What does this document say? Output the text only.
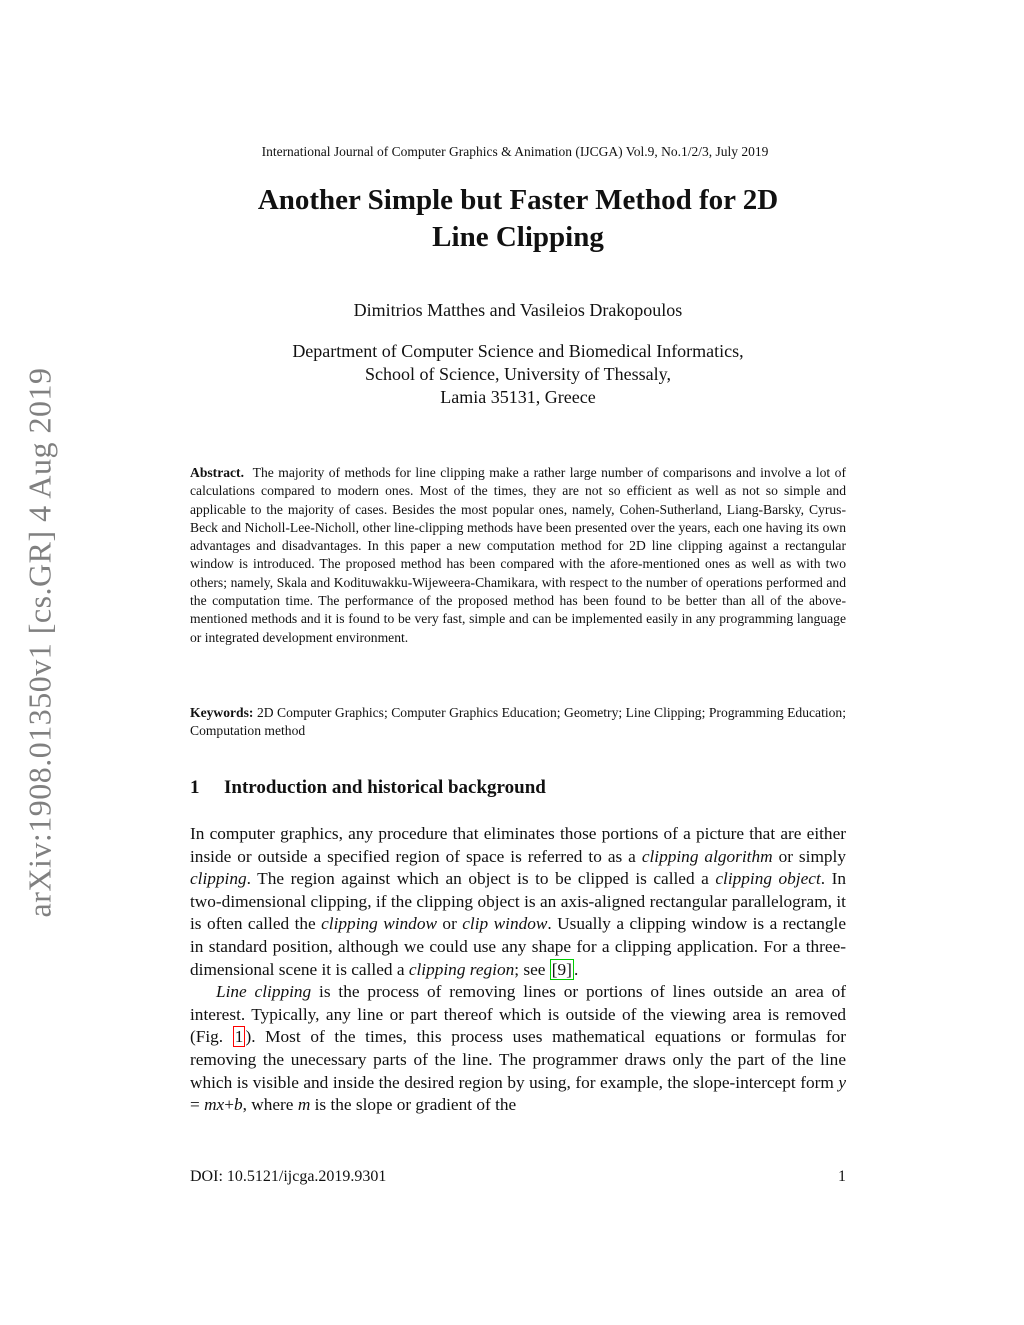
arXiv:1908.01350v1 [cs.GR] 4 Aug 2019
International Journal of Computer Graphics & Animation (IJCGA) Vol.9, No.1/2/3, July 2019
Another Simple but Faster Method for 2D
Line Clipping
Dimitrios Matthes and Vasileios Drakopoulos
Department of Computer Science and Biomedical Informatics,
School of Science, University of Thessaly,
Lamia 35131, Greece
Abstract. The majority of methods for line clipping make a rather large number of comparisons and involve a lot of calculations compared to modern ones. Most of the times, they are not so efficient as well as not so simple and applicable to the majority of cases. Besides the most popular ones, namely, Cohen-Sutherland, Liang-Barsky, Cyrus-Beck and Nicholl-Lee-Nicholl, other line-clipping methods have been presented over the years, each one having its own advantages and disadvantages. In this paper a new computation method for 2D line clipping against a rectangular window is introduced. The proposed method has been compared with the afore-mentioned ones as well as with two others; namely, Skala and Kodituwakku-Wijeweera-Chamikara, with respect to the number of operations performed and the computation time. The performance of the proposed method has been found to be better than all of the above-mentioned methods and it is found to be very fast, simple and can be implemented easily in any programming language or integrated development environment.
Keywords: 2D Computer Graphics; Computer Graphics Education; Geometry; Line Clipping; Programming Education; Computation method
1 Introduction and historical background

In computer graphics, any procedure that eliminates those portions of a picture that are either inside or outside a specified region of space is referred to as a clipping algorithm or simply clipping. The region against which an object is to be clipped is called a clipping object. In two-dimensional clipping, if the clipping object is an axis-aligned rectangular parallelogram, it is often called the clipping window or clip window. Usually a clipping window is a rectangle in standard position, although we could use any shape for a clipping application. For a three-dimensional scene it is called a clipping region; see [9] .

Line clipping is the process of removing lines or portions of lines outside an area of interest. Typically, any line or part thereof which is outside of the viewing area is removed (Fig. 1 ). Most of the times, this process uses mathematical equations or formulas for removing the unecessary parts of the line. The programmer draws only the part of the line which is visible and inside the desired region by using, for example, the slope-intercept form y = mx+b, where m is the slope or gradient of the

DOI: 10.5121/ijcga.2019.9301	1
